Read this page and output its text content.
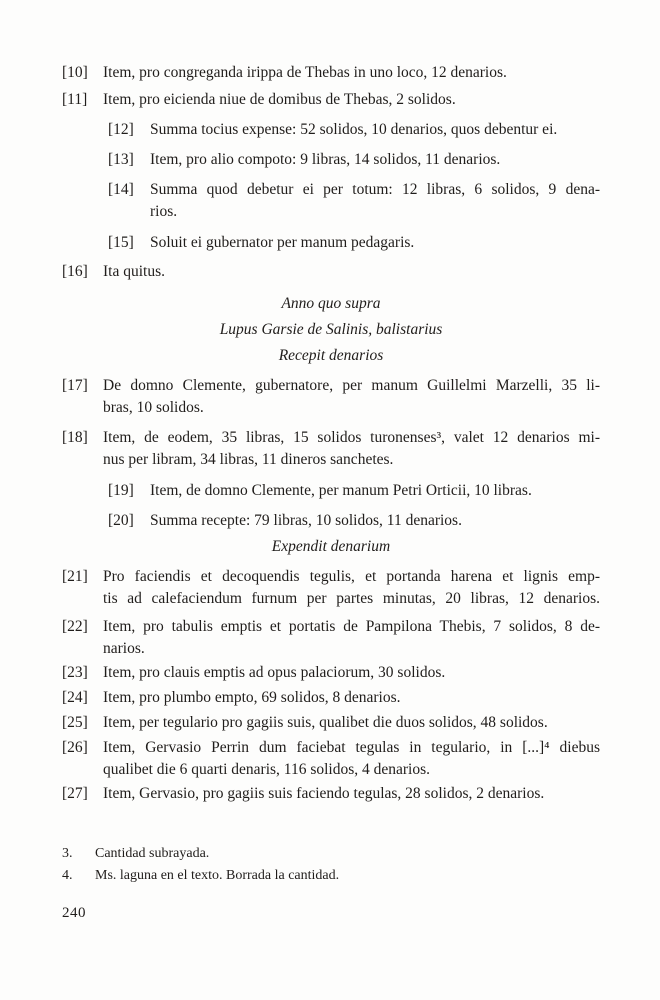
[10] Item, pro congreganda irippa de Thebas in uno loco, 12 denarios.
[11] Item, pro eicienda niue de domibus de Thebas, 2 solidos.
[12] Summa tocius expense: 52 solidos, 10 denarios, quos debentur ei.
[13] Item, pro alio compoto: 9 libras, 14 solidos, 11 denarios.
[14] Summa quod debetur ei per totum: 12 libras, 6 solidos, 9 dena-
rios.
[15] Soluit ei gubernator per manum pedagaris.
[16] Ita quitus.
Anno quo supra
Lupus Garsie de Salinis, balistarius
Recepit denarios
[17] De domno Clemente, gubernatore, per manum Guillelmi Marzelli, 35 li-
bras, 10 solidos.
[18] Item, de eodem, 35 libras, 15 solidos turonenses³, valet 12 denarios mi-
nus per libram, 34 libras, 11 dineros sanchetes.
[19] Item, de domno Clemente, per manum Petri Orticii, 10 libras.
[20] Summa recepte: 79 libras, 10 solidos, 11 denarios.
Expendit denarium
[21] Pro faciendis et decoquendis tegulis, et portanda harena et lignis emp-
tis ad calefaciendum furnum per partes minutas, 20 libras, 12 denarios.
[22] Item, pro tabulis emptis et portatis de Pampilona Thebis, 7 solidos, 8 de-
narios.
[23] Item, pro clauis emptis ad opus palaciorum, 30 solidos.
[24] Item, pro plumbo empto, 69 solidos, 8 denarios.
[25] Item, per tegulario pro gagiis suis, qualibet die duos solidos, 48 solidos.
[26] Item, Gervasio Perrin dum faciebat tegulas in tegulario, in [...]⁴ diebus
qualibet die 6 quarti denaris, 116 solidos, 4 denarios.
[27] Item, Gervasio, pro gagiis suis faciendo tegulas, 28 solidos, 2 denarios.
3. Cantidad subrayada.
4. Ms. laguna en el texto. Borrada la cantidad.
240
